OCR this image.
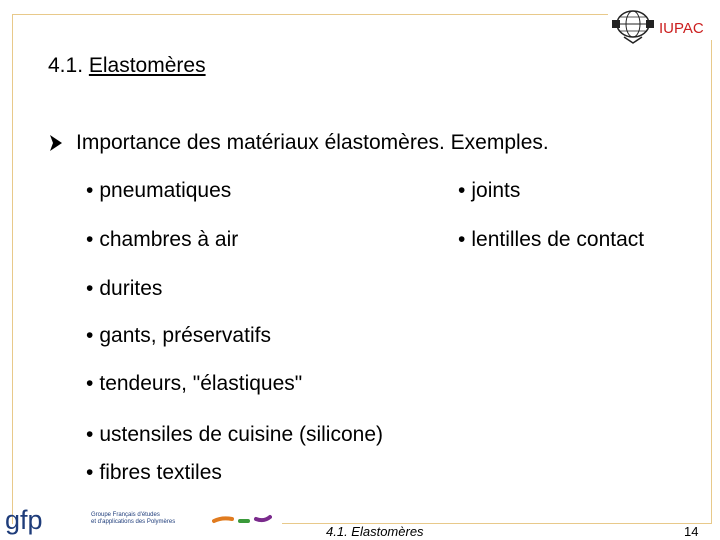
IUPAC
4.1. Elastomères
Importance des matériaux élastomères. Exemples.
• pneumatiques
• chambres à air
• durites
• gants, préservatifs
• tendeurs, "élastiques"
• ustensiles de cuisine (silicone)
• fibres textiles
• joints
• lentilles de contact
gfp	Groupe Français d'études
et d'applications des Polymères
4.1. Elastomères	14
